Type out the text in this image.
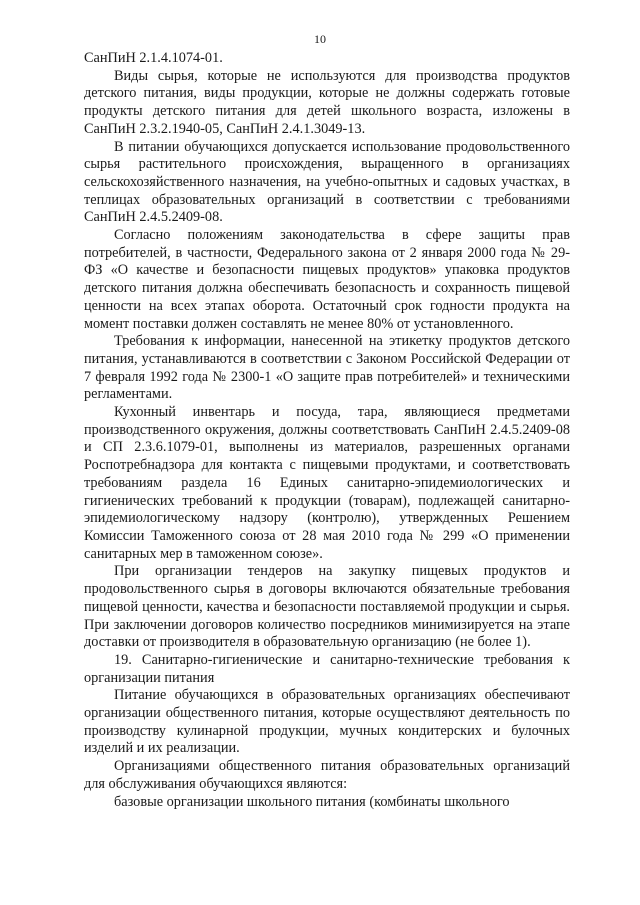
10

СанПиН 2.1.4.1074-01.

Виды сырья, которые не используются для производства продуктов детского питания, виды продукции, которые не должны содержать готовые продукты детского питания для детей школьного возраста, изложены в СанПиН 2.3.2.1940-05, СанПиН 2.4.1.3049-13.

В питании обучающихся допускается использование продовольственного сырья растительного происхождения, выращенного в организациях сельскохозяйственного назначения, на учебно-опытных и садовых участках, в теплицах образовательных организаций в соответствии с требованиями СанПиН 2.4.5.2409-08.

Согласно положениям законодательства в сфере защиты прав потребителей, в частности, Федерального закона от 2 января 2000 года № 29-ФЗ «О качестве и безопасности пищевых продуктов» упаковка продуктов детского питания должна обеспечивать безопасность и сохранность пищевой ценности на всех этапах оборота. Остаточный срок годности продукта на момент поставки должен составлять не менее 80% от установленного.

Требования к информации, нанесенной на этикетку продуктов детского питания, устанавливаются в соответствии с Законом Российской Федерации от 7 февраля 1992 года № 2300-1 «О защите прав потребителей» и техническими регламентами.

Кухонный инвентарь и посуда, тара, являющиеся предметами производственного окружения, должны соответствовать СанПиН 2.4.5.2409-08 и СП 2.3.6.1079-01, выполнены из материалов, разрешенных органами Роспотребнадзора для контакта с пищевыми продуктами, и соответствовать требованиям раздела 16 Единых санитарно-эпидемиологических и гигиенических требований к продукции (товарам), подлежащей санитарно-эпидемиологическому надзору (контролю), утвержденных Решением Комиссии Таможенного союза от 28 мая 2010 года № 299 «О применении санитарных мер в таможенном союзе».

При организации тендеров на закупку пищевых продуктов и продовольственного сырья в договоры включаются обязательные требования пищевой ценности, качества и безопасности поставляемой продукции и сырья. При заключении договоров количество посредников минимизируется на этапе доставки от производителя в образовательную организацию (не более 1).

19. Санитарно-гигиенические и санитарно-технические требования к организации питания

Питание обучающихся в образовательных организациях обеспечивают организации общественного питания, которые осуществляют деятельность по производству кулинарной продукции, мучных кондитерских и булочных изделий и их реализации.

Организациями общественного питания образовательных организаций для обслуживания обучающихся являются:

базовые организации школьного питания (комбинаты школьного
